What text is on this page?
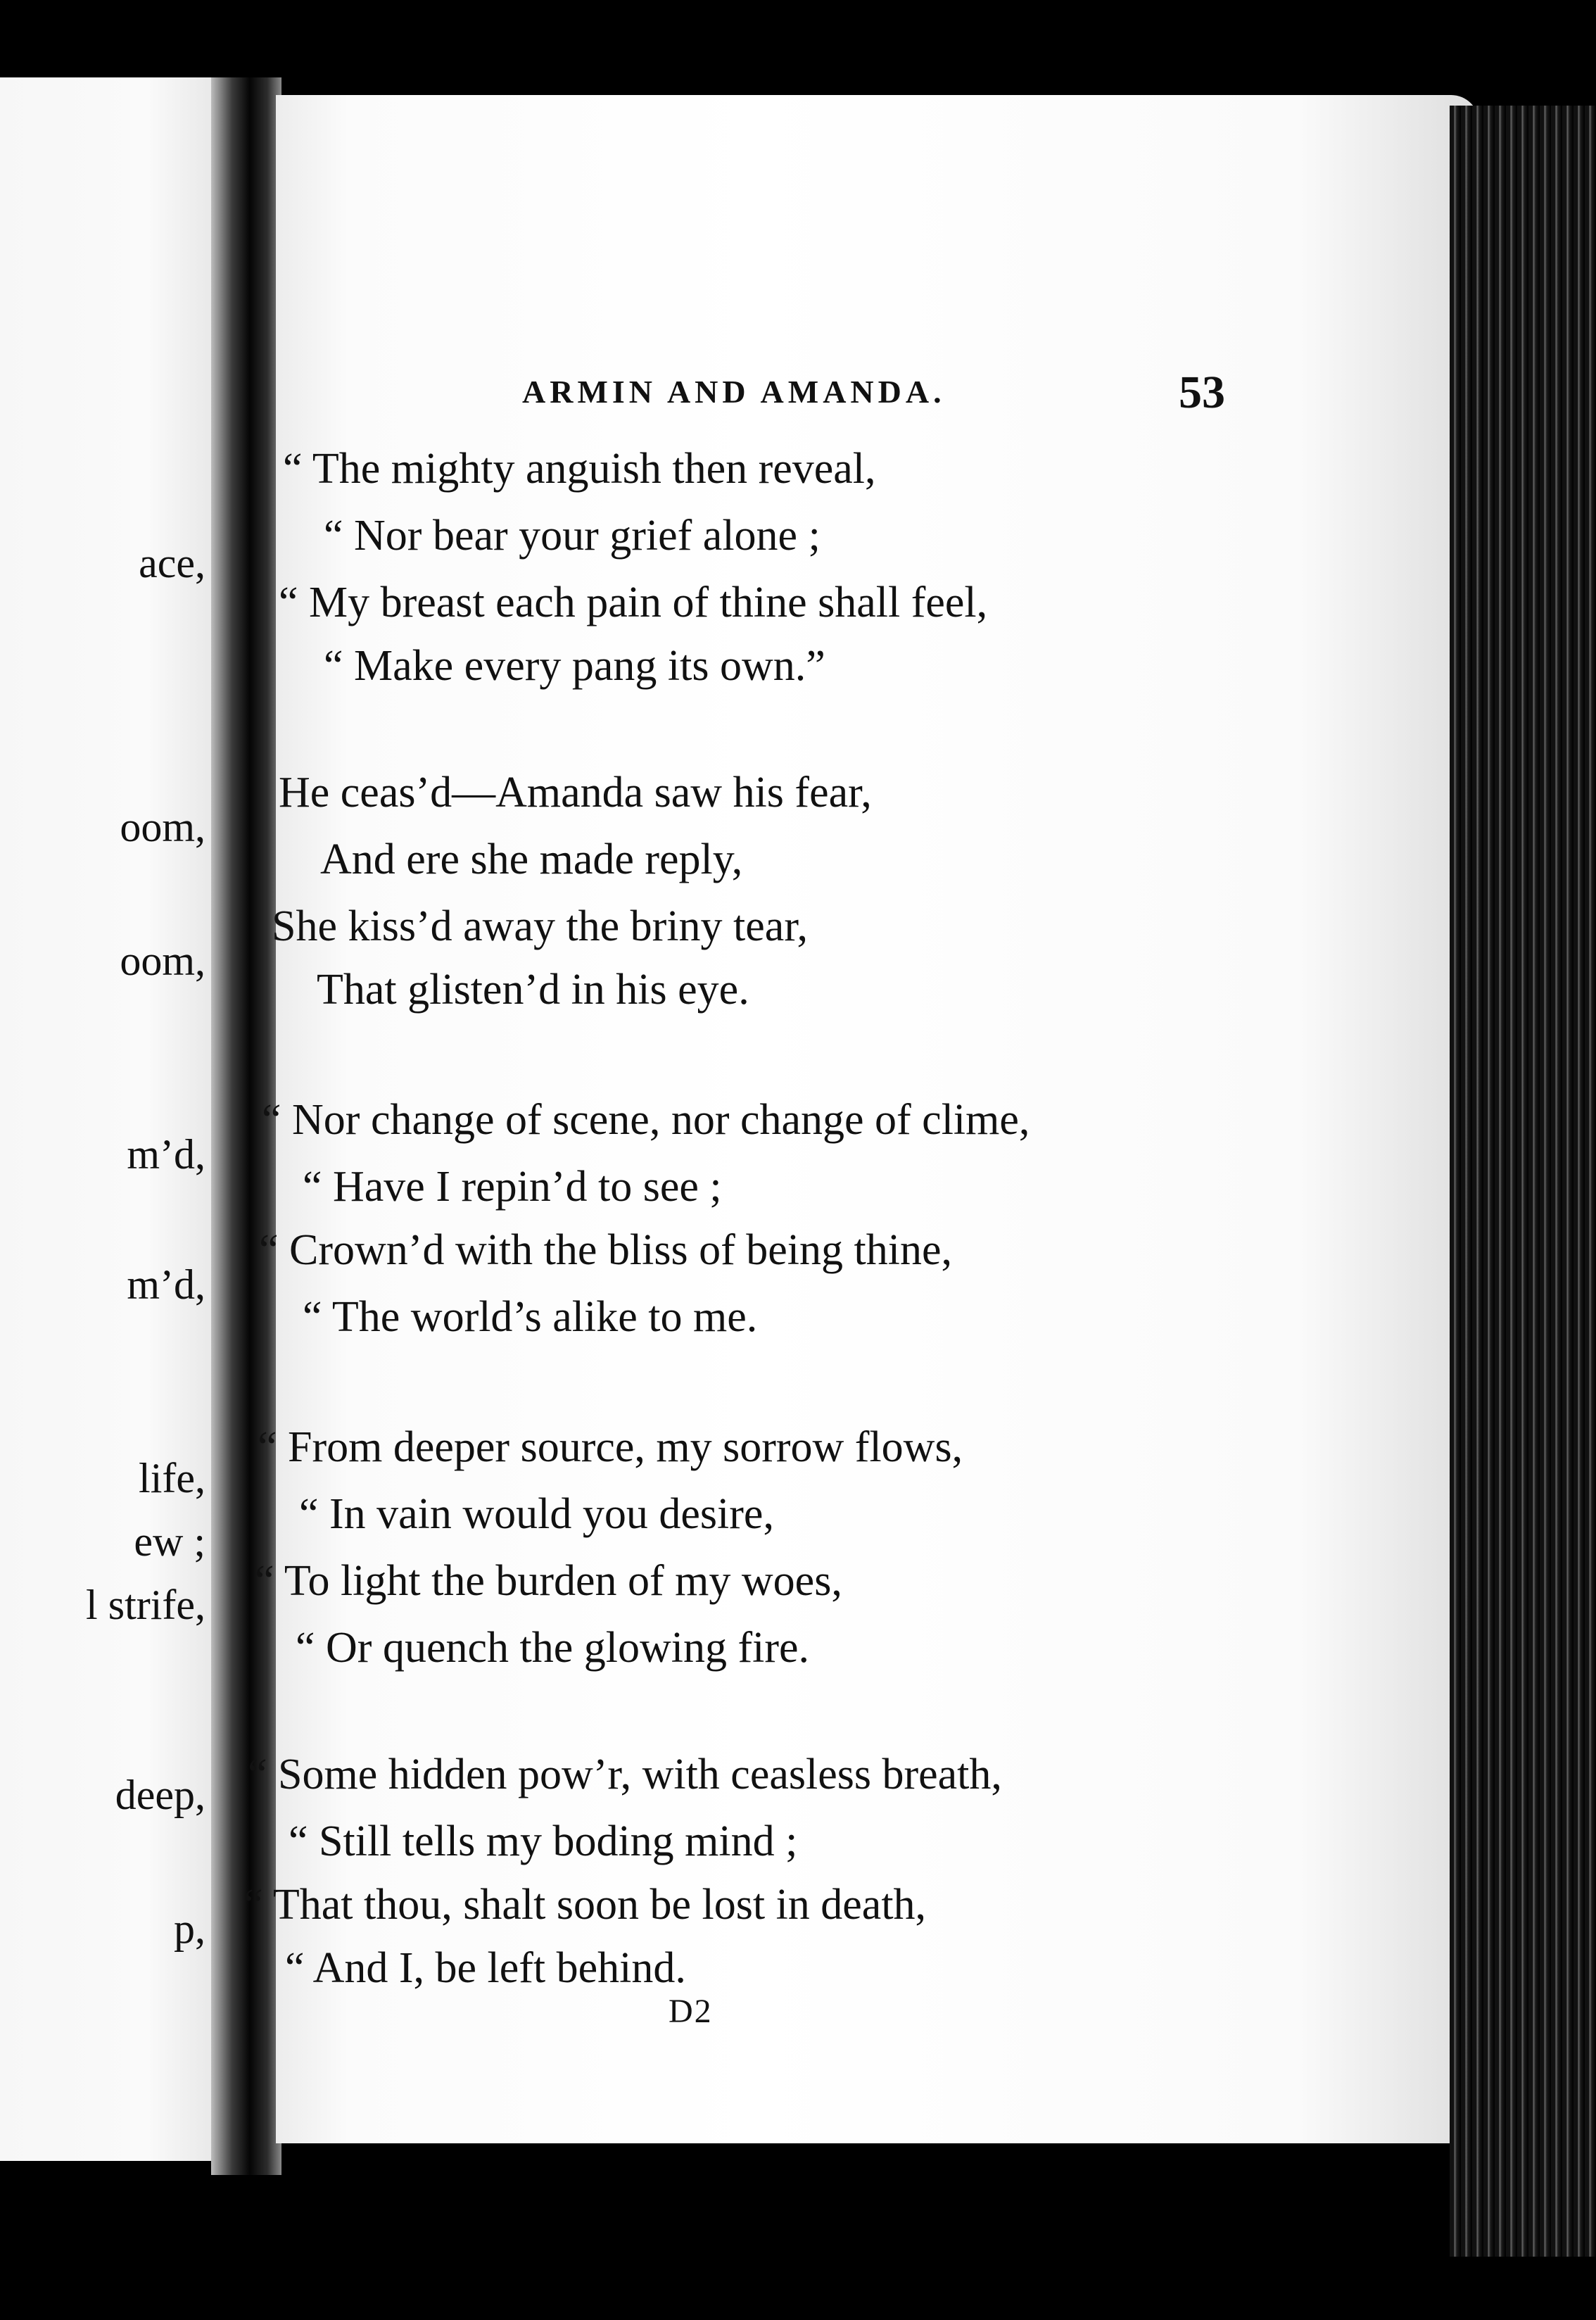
ace,
oom,
oom,
m’d,
m’d,
life,
ew ;
l strife,
deep,
p,
ARMIN AND AMANDA.	53
“ The mighty anguish then reveal,
“ Nor bear your grief alone ;
“ My breast each pain of thine shall feel,
“ Make every pang its own.”
He ceas’d—Amanda saw his fear,
And ere she made reply,
She kiss’d away the briny tear,
That glisten’d in his eye.
“ Nor change of scene, nor change of clime,
“ Have I repin’d to see ;
“ Crown’d with the bliss of being thine,
“ The world’s alike to me.
“ From deeper source, my sorrow flows,
“ In vain would you desire,
“ To light the burden of my woes,
“ Or quench the glowing fire.
“ Some hidden pow’r, with ceasless breath,
“ Still tells my boding mind ;
“ That thou, shalt soon be lost in death,
“ And I, be left behind.
D2
